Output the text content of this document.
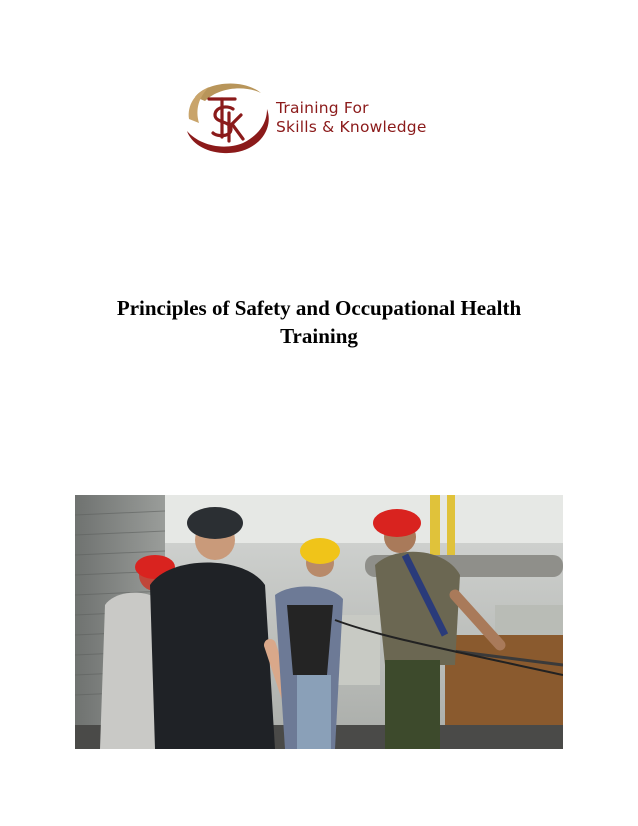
Training For
Skills & Knowledge
Principles of Safety and Occupational Health
Training
